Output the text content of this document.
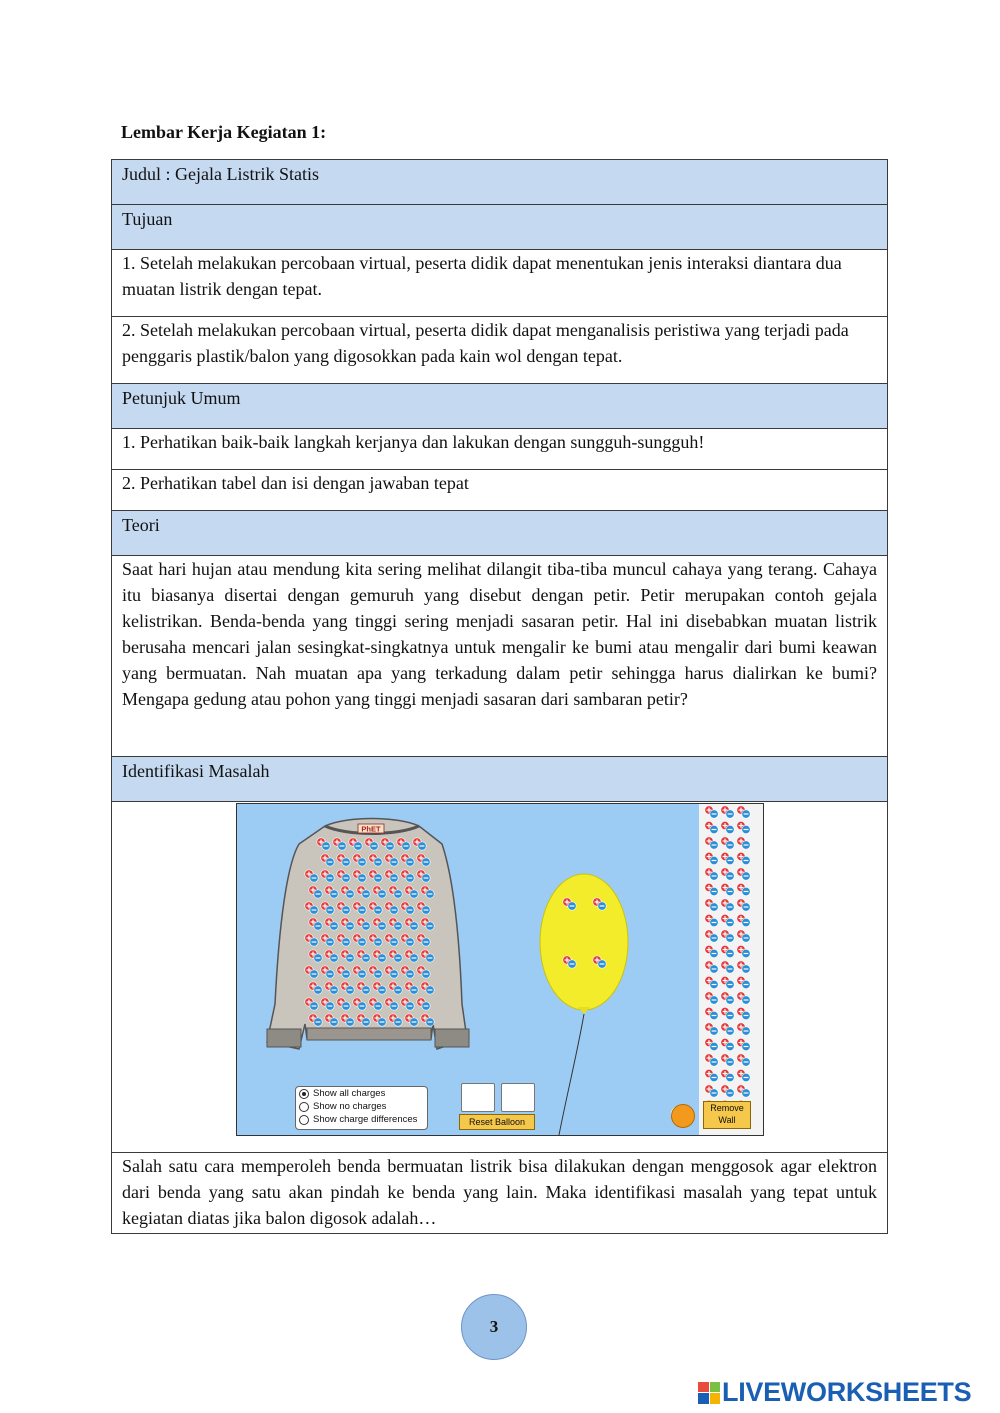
Lembar Kerja Kegiatan 1:
Judul : Gejala Listrik Statis

Tujuan

1. Setelah melakukan percobaan virtual, peserta didik dapat menentukan jenis interaksi diantara dua muatan listrik dengan tepat.
2. Setelah melakukan percobaan virtual, peserta didik dapat menganalisis peristiwa yang terjadi pada penggaris plastik/balon yang digosokkan pada kain wol dengan tepat.

Petunjuk Umum

1. Perhatikan baik-baik langkah kerjanya dan lakukan dengan sungguh-sungguh!
2. Perhatikan tabel dan isi dengan jawaban tepat

Teori

Saat hari hujan atau mendung kita sering melihat dilangit tiba-tiba muncul cahaya yang terang. Cahaya itu biasanya disertai dengan gemuruh yang disebut dengan petir. Petir merupakan contoh gejala kelistrikan. Benda-benda yang tinggi sering menjadi sasaran petir. Hal ini disebabkan muatan listrik berusaha mencari jalan sesingkat-singkatnya untuk mengalir ke bumi atau mengalir dari bumi keawan yang bermuatan. Nah muatan apa yang terkadung dalam petir sehingga harus dialirkan ke bumi? Mengapa gedung atau pohon yang tinggi menjadi sasaran dari sambaran petir?

Identifikasi Masalah

PhET
Show all charges
Show no charges
Show charge differences	Reset Balloon
Remove Wall

Salah satu cara memperoleh benda bermuatan listrik bisa dilakukan dengan menggosok agar elektron dari benda yang satu akan pindah ke benda yang lain. Maka identifikasi masalah yang tepat untuk kegiatan diatas jika balon digosok adalah…
3
LIVEWORKSHEETS
